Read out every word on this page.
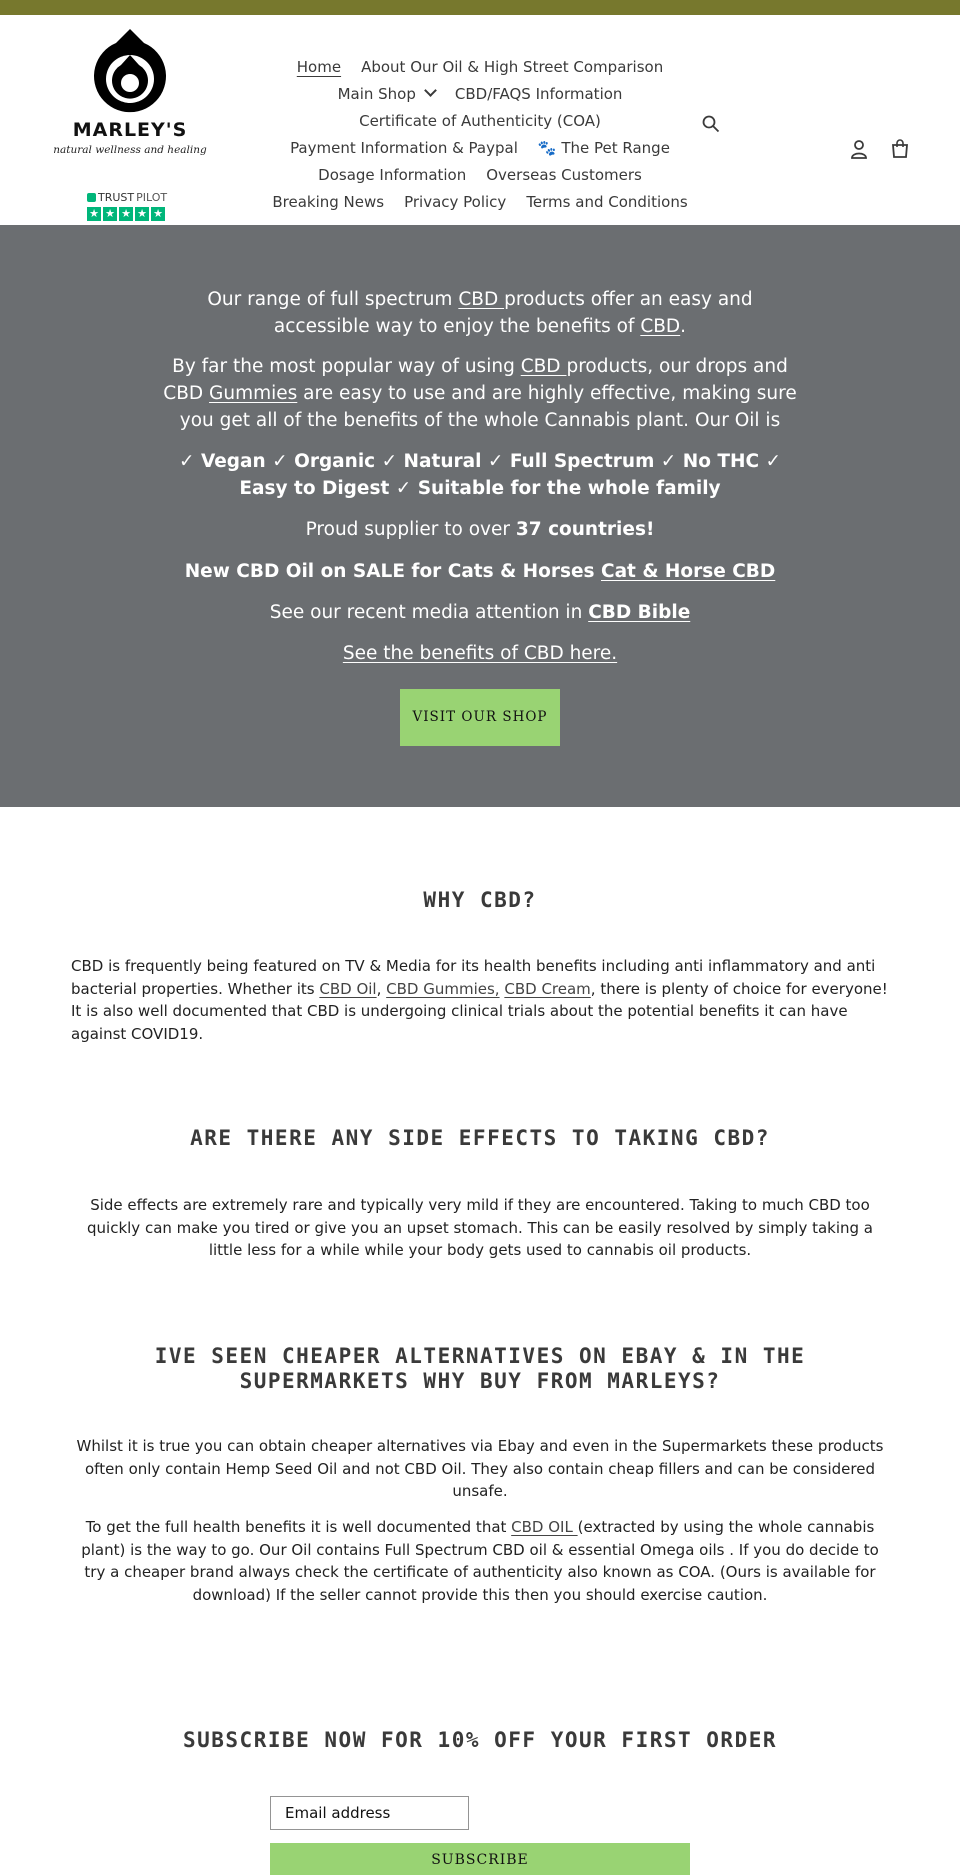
MARLEY'S
natural wellness and healing
TRUST PILOT
★ ★ ★ ★ ★
Home About Our Oil & High Street Comparison
Main Shop	CBD/FAQS Information
Certificate of Authenticity (COA)
Payment Information & Paypal 🐾 The Pet Range
Dosage Information Overseas Customers
Breaking News Privacy Policy Terms and Conditions

Our range of full spectrum CBD products offer an easy and accessible way to enjoy the benefits of CBD.

By far the most popular way of using CBD products, our drops and CBD Gummies are easy to use and are highly effective, making sure you get all of the benefits of the whole Cannabis plant. Our Oil is

✓ Vegan ✓ Organic ✓ Natural ✓ Full Spectrum ✓ No THC ✓ Easy to Digest ✓ Suitable for the whole family

Proud supplier to over 37 countries!

New CBD Oil on SALE for Cats & Horses Cat & Horse CBD

See our recent media attention in CBD Bible

See the benefits of CBD here.

VISIT OUR SHOP
WHY CBD?

CBD is frequently being featured on TV & Media for its health benefits including anti inflammatory and anti bacterial properties. Whether its CBD Oil, CBD Gummies, CBD Cream, there is plenty of choice for everyone! It is also well documented that CBD is undergoing clinical trials about the potential benefits it can have against COVID19.

ARE THERE ANY SIDE EFFECTS TO TAKING CBD?

Side effects are extremely rare and typically very mild if they are encountered. Taking to much CBD too quickly can make you tired or give you an upset stomach. This can be easily resolved by simply taking a little less for a while while your body gets used to cannabis oil products.

IVE SEEN CHEAPER ALTERNATIVES ON EBAY & IN THE SUPERMARKETS WHY BUY FROM MARLEYS?

Whilst it is true you can obtain cheaper alternatives via Ebay and even in the Supermarkets these products often only contain Hemp Seed Oil and not CBD Oil. They also contain cheap fillers and can be considered unsafe.

To get the full health benefits it is well documented that CBD OIL (extracted by using the whole cannabis plant) is the way to go. Our Oil contains Full Spectrum CBD oil & essential Omega oils . If you do decide to try a cheaper brand always check the certificate of authenticity also known as COA. (Ours is available for download) If the seller cannot provide this then you should exercise caution.

SUBSCRIBE NOW FOR 10% OFF YOUR FIRST ORDER
Email address
SUBSCRIBE
